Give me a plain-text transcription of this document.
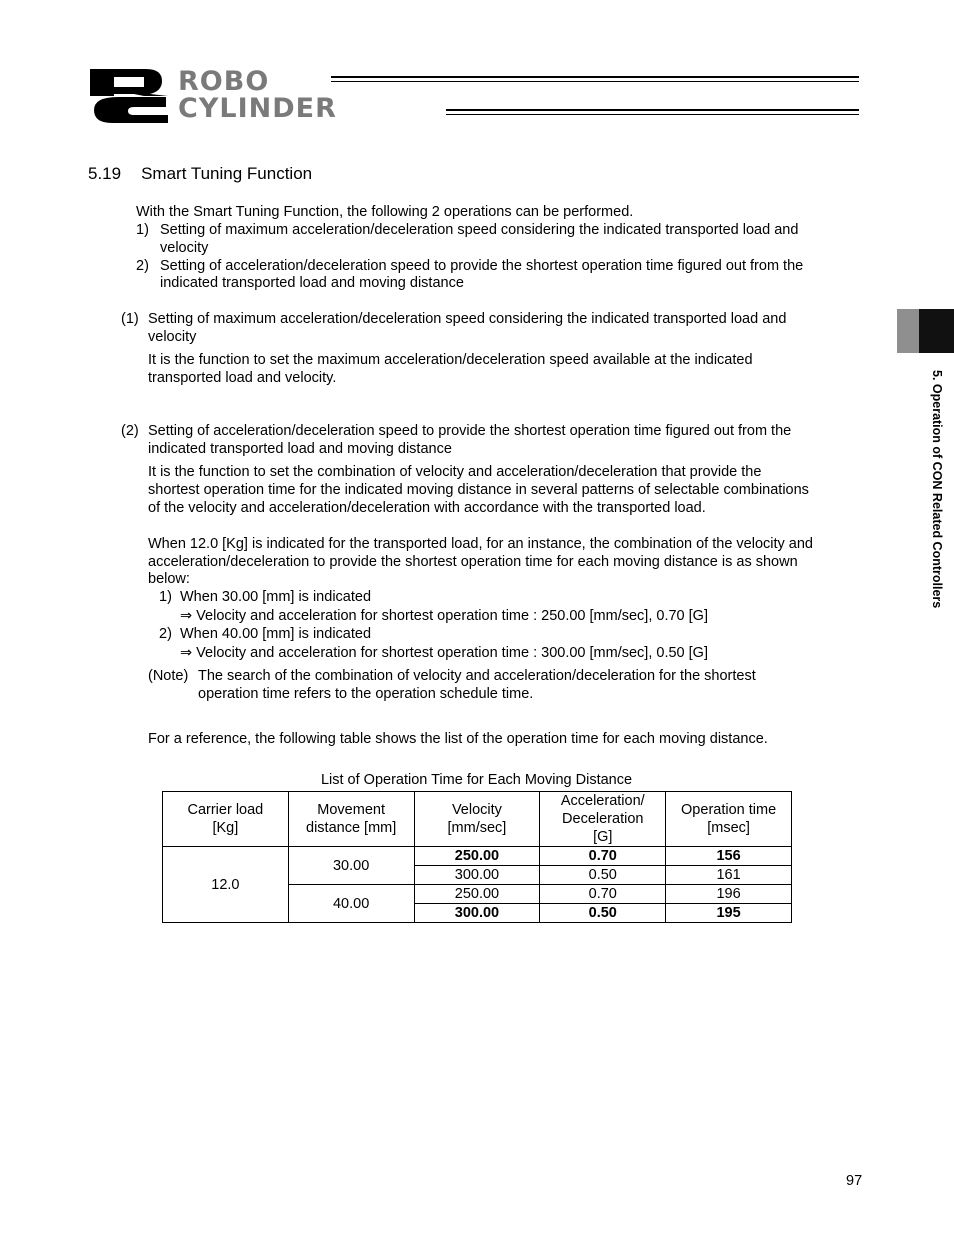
ROBO
CYLINDER
5.19 Smart Tuning Function
With the Smart Tuning Function, the following 2 operations can be performed.
1) Setting of maximum acceleration/deceleration speed considering the indicated transported load and
velocity
2) Setting of acceleration/deceleration speed to provide the shortest operation time figured out from the
indicated transported load and moving distance
(1) Setting of maximum acceleration/deceleration speed considering the indicated transported load and
velocity
It is the function to set the maximum acceleration/deceleration speed available at the indicated
transported load and velocity.
(2) Setting of acceleration/deceleration speed to provide the shortest operation time figured out from the
indicated transported load and moving distance
It is the function to set the combination of velocity and acceleration/deceleration that provide the
shortest operation time for the indicated moving distance in several patterns of selectable combinations
of the velocity and acceleration/deceleration with accordance with the transported load.
When 12.0 [Kg] is indicated for the transported load, for an instance, the combination of the velocity and
acceleration/deceleration to provide the shortest operation time for each moving distance is as shown
below:
1) When 30.00 [mm] is indicated
⇒ Velocity and acceleration for shortest operation time : 250.00 [mm/sec], 0.70 [G]
2) When 40.00 [mm] is indicated
⇒ Velocity and acceleration for shortest operation time : 300.00 [mm/sec], 0.50 [G]
(Note) The search of the combination of velocity and acceleration/deceleration for the shortest
operation time refers to the operation schedule time.
For a reference, the following table shows the list of the operation time for each moving distance.
List of Operation Time for Each Moving Distance
Carrier load
[Kg]	Movement
distance [mm]	Velocity
[mm/sec]	Acceleration/
Deceleration
[G]	Operation time
[msec]
12.0	30.00	250.00	0.70	156
		300.00	0.50	161
	40.00	250.00	0.70	196
		300.00	0.50	195
5. Operation of CON Related Controllers
97
